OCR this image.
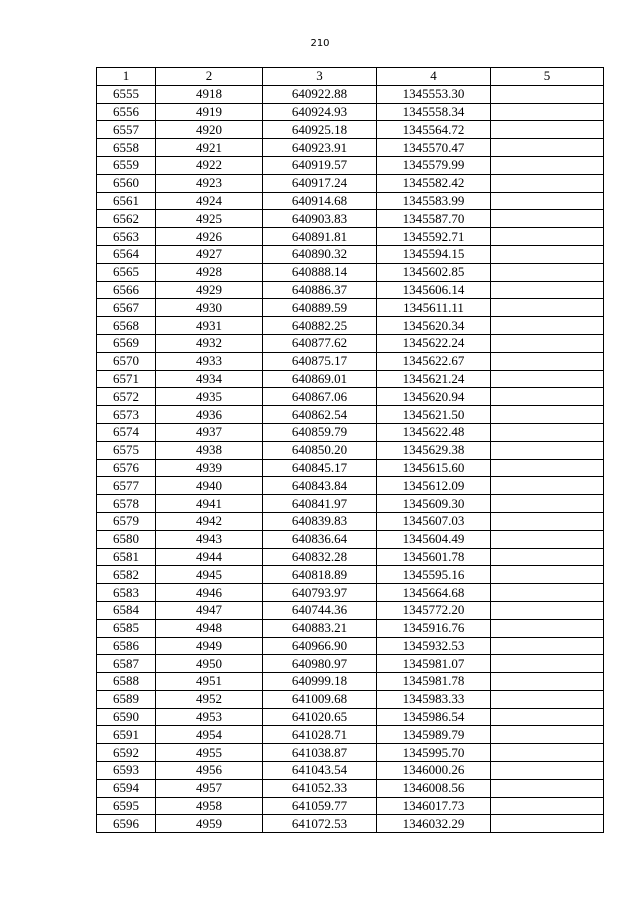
210
1	2	3	4	5
6555	4918	640922.88	1345553.30	
6556	4919	640924.93	1345558.34	
6557	4920	640925.18	1345564.72	
6558	4921	640923.91	1345570.47	
6559	4922	640919.57	1345579.99	
6560	4923	640917.24	1345582.42	
6561	4924	640914.68	1345583.99	
6562	4925	640903.83	1345587.70	
6563	4926	640891.81	1345592.71	
6564	4927	640890.32	1345594.15	
6565	4928	640888.14	1345602.85	
6566	4929	640886.37	1345606.14	
6567	4930	640889.59	1345611.11	
6568	4931	640882.25	1345620.34	
6569	4932	640877.62	1345622.24	
6570	4933	640875.17	1345622.67	
6571	4934	640869.01	1345621.24	
6572	4935	640867.06	1345620.94	
6573	4936	640862.54	1345621.50	
6574	4937	640859.79	1345622.48	
6575	4938	640850.20	1345629.38	
6576	4939	640845.17	1345615.60	
6577	4940	640843.84	1345612.09	
6578	4941	640841.97	1345609.30	
6579	4942	640839.83	1345607.03	
6580	4943	640836.64	1345604.49	
6581	4944	640832.28	1345601.78	
6582	4945	640818.89	1345595.16	
6583	4946	640793.97	1345664.68	
6584	4947	640744.36	1345772.20	
6585	4948	640883.21	1345916.76	
6586	4949	640966.90	1345932.53	
6587	4950	640980.97	1345981.07	
6588	4951	640999.18	1345981.78	
6589	4952	641009.68	1345983.33	
6590	4953	641020.65	1345986.54	
6591	4954	641028.71	1345989.79	
6592	4955	641038.87	1345995.70	
6593	4956	641043.54	1346000.26	
6594	4957	641052.33	1346008.56	
6595	4958	641059.77	1346017.73	
6596	4959	641072.53	1346032.29	
